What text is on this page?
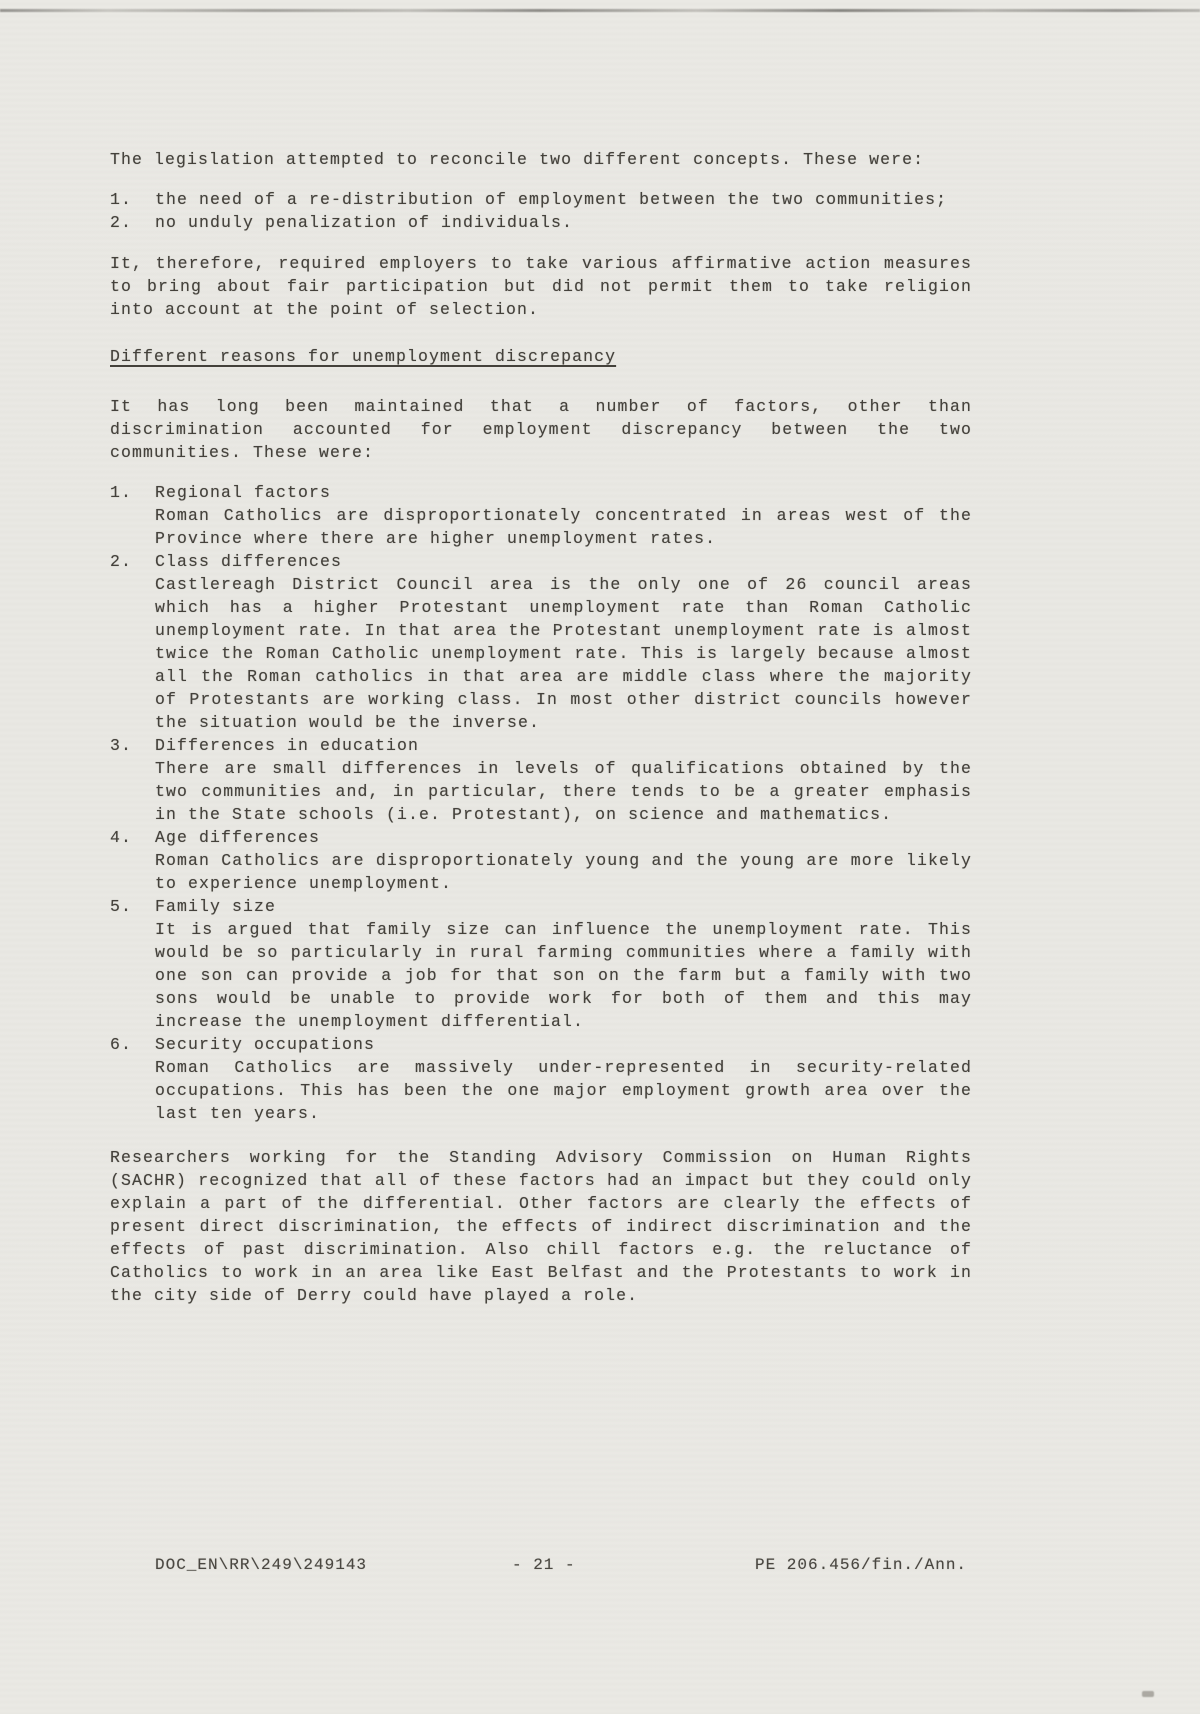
The legislation attempted to reconcile two different concepts. These were:

1.	the need of a re-distribution of employment between the two communities;
2.	no unduly penalization of individuals.

It, therefore, required employers to take various affirmative action measures to bring about fair participation but did not permit them to take religion into account at the point of selection.

Different reasons for unemployment discrepancy

It has long been maintained that a number of factors, other than discrimination accounted for employment discrepancy between the two communities. These were:

1.	Regional factors
Roman Catholics are disproportionately concentrated in areas west of the Province where there are higher unemployment rates.
2.	Class differences
Castlereagh District Council area is the only one of 26 council areas which has a higher Protestant unemployment rate than Roman Catholic unemployment rate. In that area the Protestant unemployment rate is almost twice the Roman Catholic unemployment rate. This is largely because almost all the Roman catholics in that area are middle class where the majority of Protestants are working class. In most other district councils however the situation would be the inverse.
3.	Differences in education
There are small differences in levels of qualifications obtained by the two communities and, in particular, there tends to be a greater emphasis in the State schools (i.e. Protestant), on science and mathematics.
4.	Age differences
Roman Catholics are disproportionately young and the young are more likely to experience unemployment.
5.	Family size
It is argued that family size can influence the unemployment rate. This would be so particularly in rural farming communities where a family with one son can provide a job for that son on the farm but a family with two sons would be unable to provide work for both of them and this may increase the unemployment differential.
6.	Security occupations
Roman Catholics are massively under-represented in security-related occupations. This has been the one major employment growth area over the last ten years.

Researchers working for the Standing Advisory Commission on Human Rights (SACHR) recognized that all of these factors had an impact but they could only explain a part of the differential. Other factors are clearly the effects of present direct discrimination, the effects of indirect discrimination and the effects of past discrimination. Also chill factors e.g. the reluctance of Catholics to work in an area like East Belfast and the Protestants to work in the city side of Derry could have played a role.

DOC_EN\RR\249\249143	- 21 -	PE 206.456/fin./Ann.
